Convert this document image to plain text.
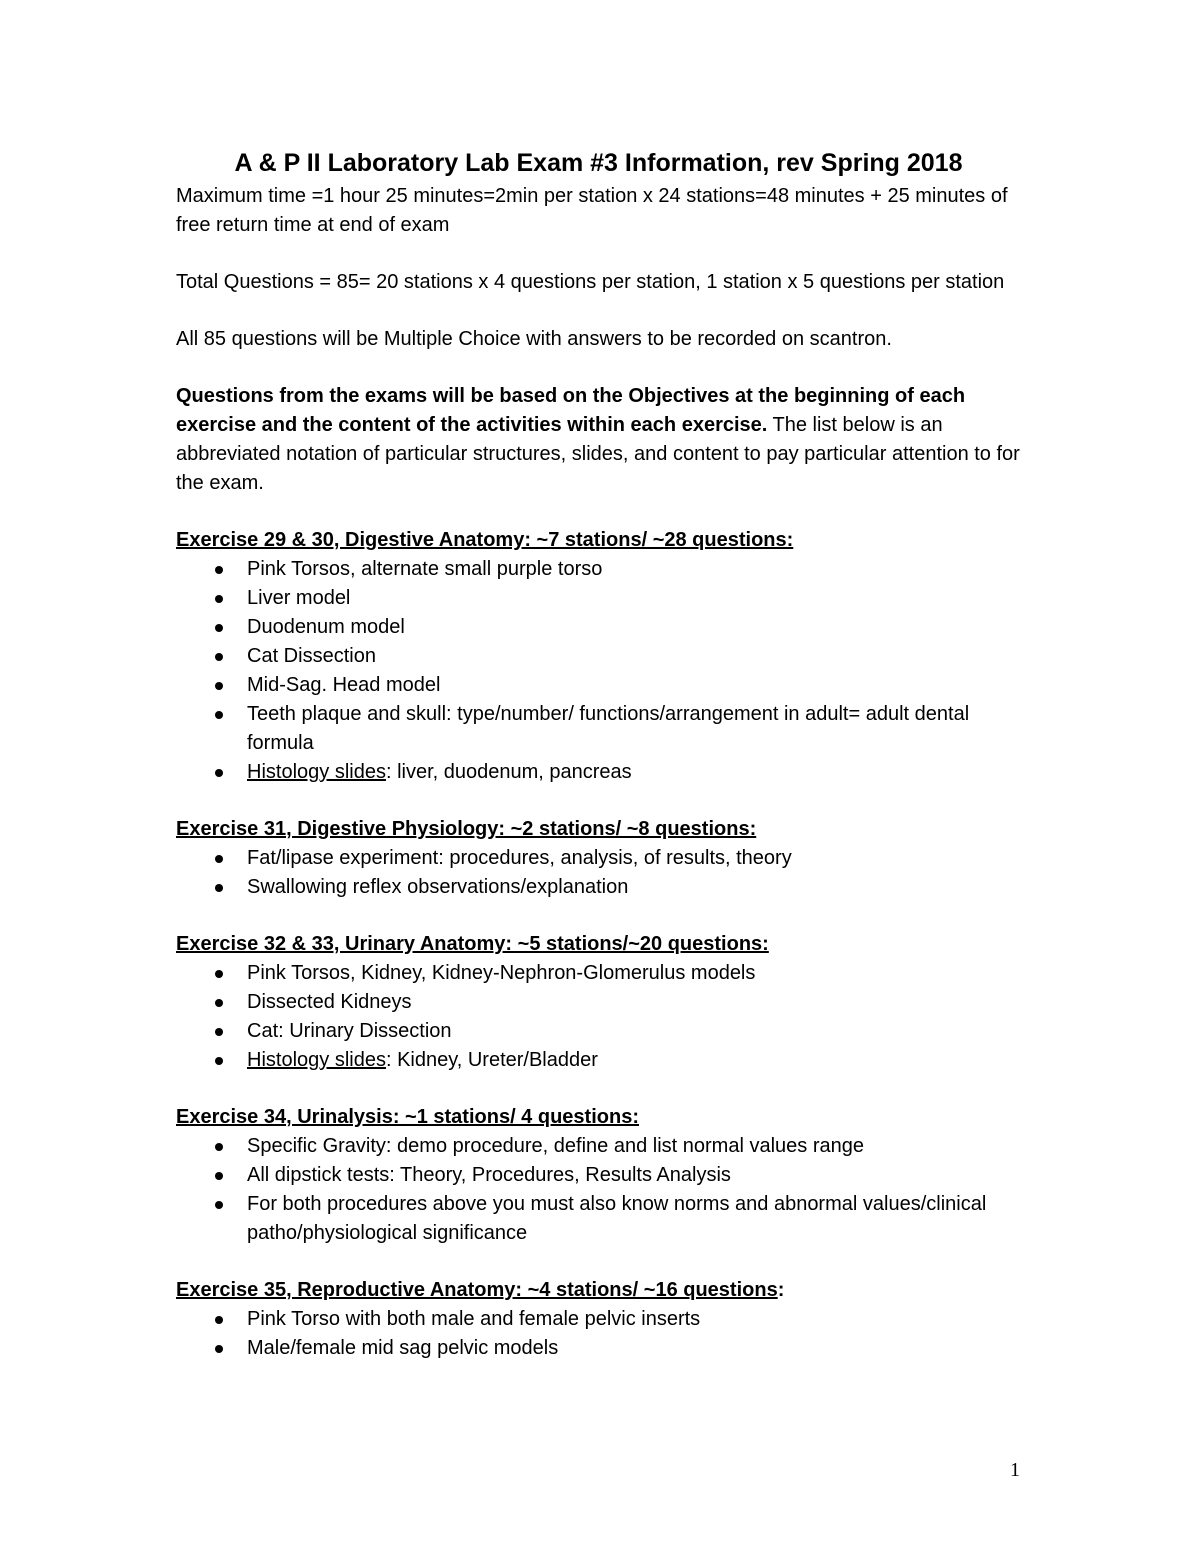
A & P II Laboratory Lab Exam #3 Information, rev Spring 2018

Maximum time =1 hour 25 minutes=2min per station x 24 stations=48 minutes + 25 minutes of free return time at end of exam

Total Questions = 85= 20 stations x 4 questions per station, 1 station x 5 questions per station

All 85 questions will be Multiple Choice with answers to be recorded on scantron.

Questions from the exams will be based on the Objectives at the beginning of each exercise and the content of the activities within each exercise. The list below is an abbreviated notation of particular structures, slides, and content to pay particular attention to for the exam.

Exercise 29 & 30, Digestive Anatomy: ~7 stations/ ~28 questions:
Pink Torsos, alternate small purple torso
Liver model
Duodenum model
Cat Dissection
Mid-Sag. Head model
Teeth plaque and skull: type/number/ functions/arrangement in adult= adult dental formula
Histology slides: liver, duodenum, pancreas
Exercise 31, Digestive Physiology: ~2 stations/ ~8 questions:
Fat/lipase experiment: procedures, analysis, of results, theory
Swallowing reflex observations/explanation
Exercise 32 & 33, Urinary Anatomy: ~5 stations/~20 questions:
Pink Torsos, Kidney, Kidney-Nephron-Glomerulus models
Dissected Kidneys
Cat: Urinary Dissection
Histology slides: Kidney, Ureter/Bladder
Exercise 34, Urinalysis: ~1 stations/ 4 questions:
Specific Gravity: demo procedure, define and list normal values range
All dipstick tests: Theory, Procedures, Results Analysis
For both procedures above you must also know norms and abnormal values/clinical patho/physiological significance
Exercise 35, Reproductive Anatomy: ~4 stations/ ~16 questions:
Pink Torso with both male and female pelvic inserts
Male/female mid sag pelvic models
1
